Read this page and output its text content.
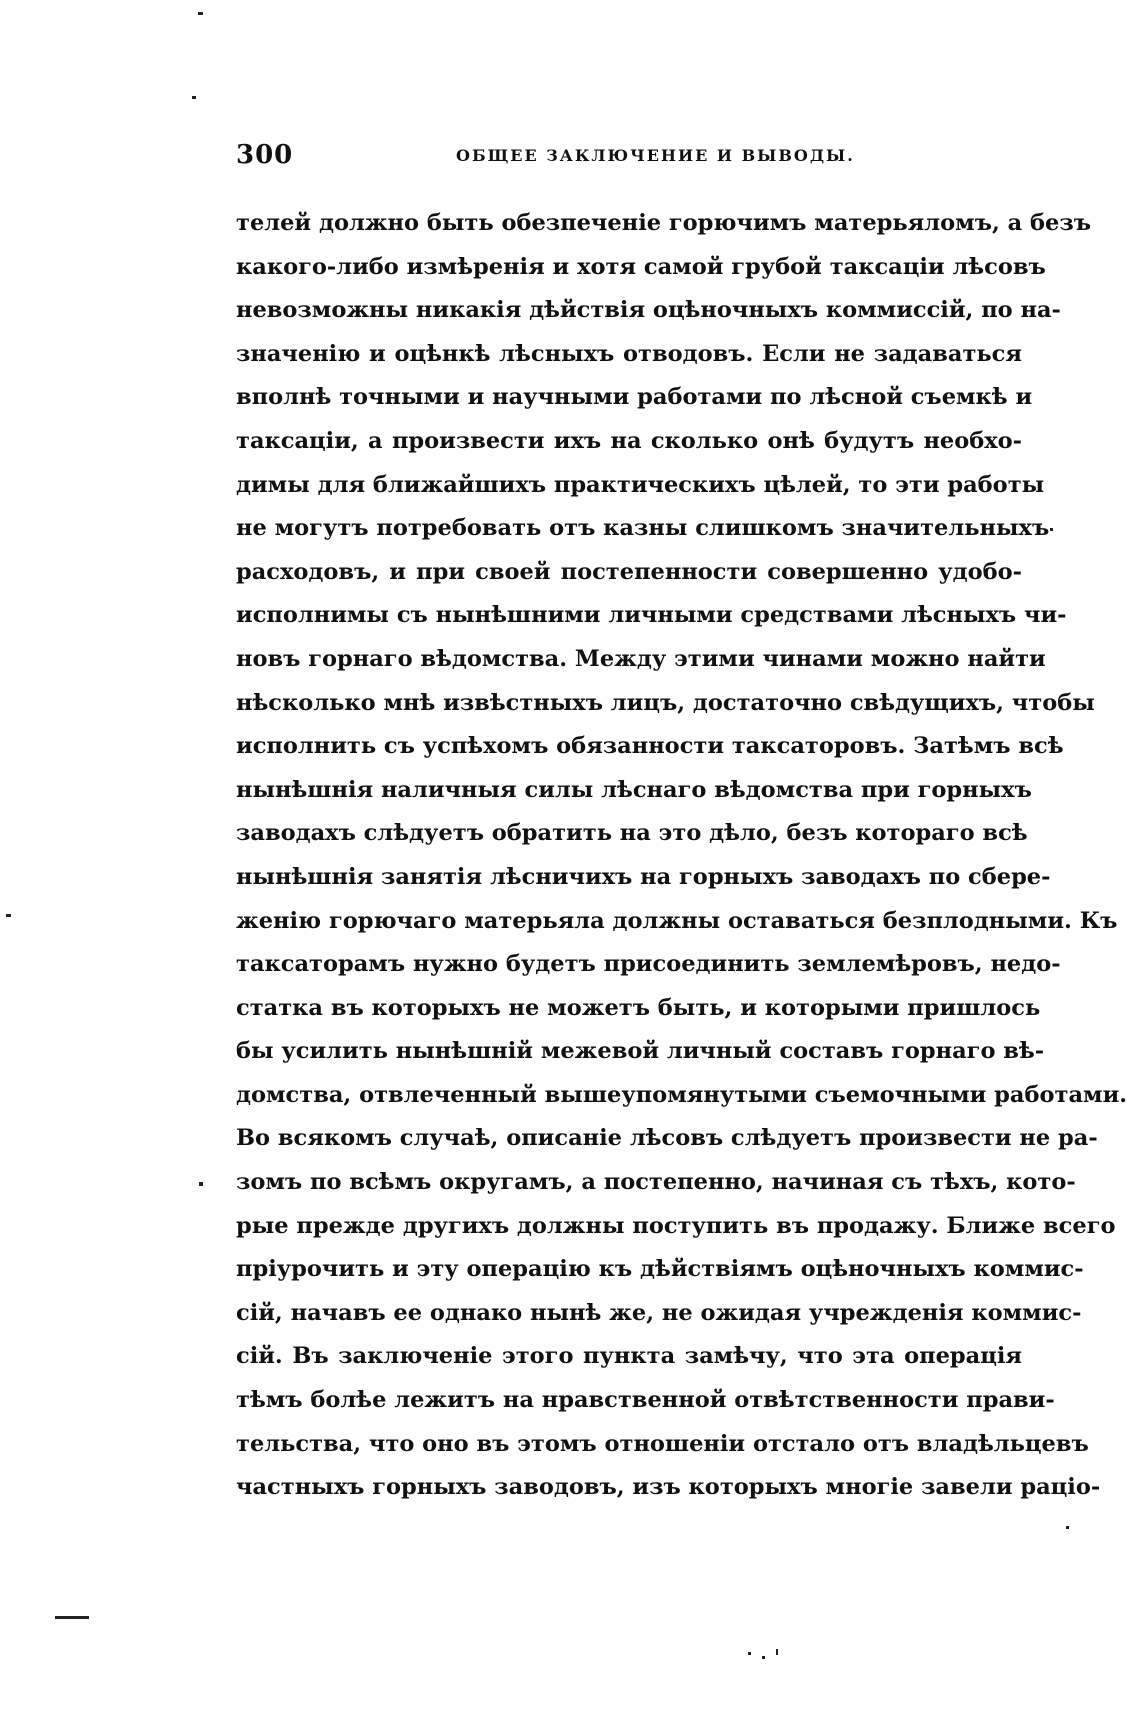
300	ОБЩЕЕ ЗАКЛЮЧЕНИЕ И ВЫВОДЫ.
телей должно быть обезпеченіе горючимъ матерьяломъ, а безъ
какого-либо измѣренія и хотя самой грубой таксаціи лѣсовъ
невозможны никакія дѣйствія оцѣночныхъ коммиссій, по на-
значенію и оцѣнкѣ лѣсныхъ отводовъ. Если не задаваться
вполнѣ точными и научными работами по лѣсной съемкѣ и
таксаціи, а произвести ихъ на сколько онѣ будутъ необхо-
димы для ближайшихъ практическихъ цѣлей, то эти работы
не могутъ потребовать отъ казны слишкомъ значительныхъ
расходовъ, и при своей постепенности совершенно удобо-
исполнимы съ нынѣшними личными средствами лѣсныхъ чи-
новъ горнаго вѣдомства. Между этими чинами можно найти
нѣсколько мнѣ извѣстныхъ лицъ, достаточно свѣдущихъ, чтобы
исполнить съ успѣхомъ обязанности таксаторовъ. Затѣмъ всѣ
нынѣшнія наличныя силы лѣснаго вѣдомства при горныхъ
заводахъ слѣдуетъ обратить на это дѣло, безъ котораго всѣ
нынѣшнія занятія лѣсничихъ на горныхъ заводахъ по сбере-
женію горючаго матерьяла должны оставаться безплодными. Къ
таксаторамъ нужно будетъ присоединить землемѣровъ, недо-
статка въ которыхъ не можетъ быть, и которыми пришлось
бы усилить нынѣшній межевой личный составъ горнаго вѣ-
домства, отвлеченный вышеупомянутыми съемочными работами.
Во всякомъ случаѣ, описаніе лѣсовъ слѣдуетъ произвести не ра-
зомъ по всѣмъ округамъ, а постепенно, начиная съ тѣхъ, кото-
рые прежде другихъ должны поступить въ продажу. Ближе всего
пріурочить и эту операцію къ дѣйствіямъ оцѣночныхъ коммис-
сій, начавъ ее однако нынѣ же, не ожидая учрежденія коммис-
сій. Въ заключеніе этого пункта замѣчу, что эта операція
тѣмъ болѣе лежитъ на нравственной отвѣтственности прави-
тельства, что оно въ этомъ отношеніи отстало отъ владѣльцевъ
частныхъ горныхъ заводовъ, изъ которыхъ многіе завели раціо-
